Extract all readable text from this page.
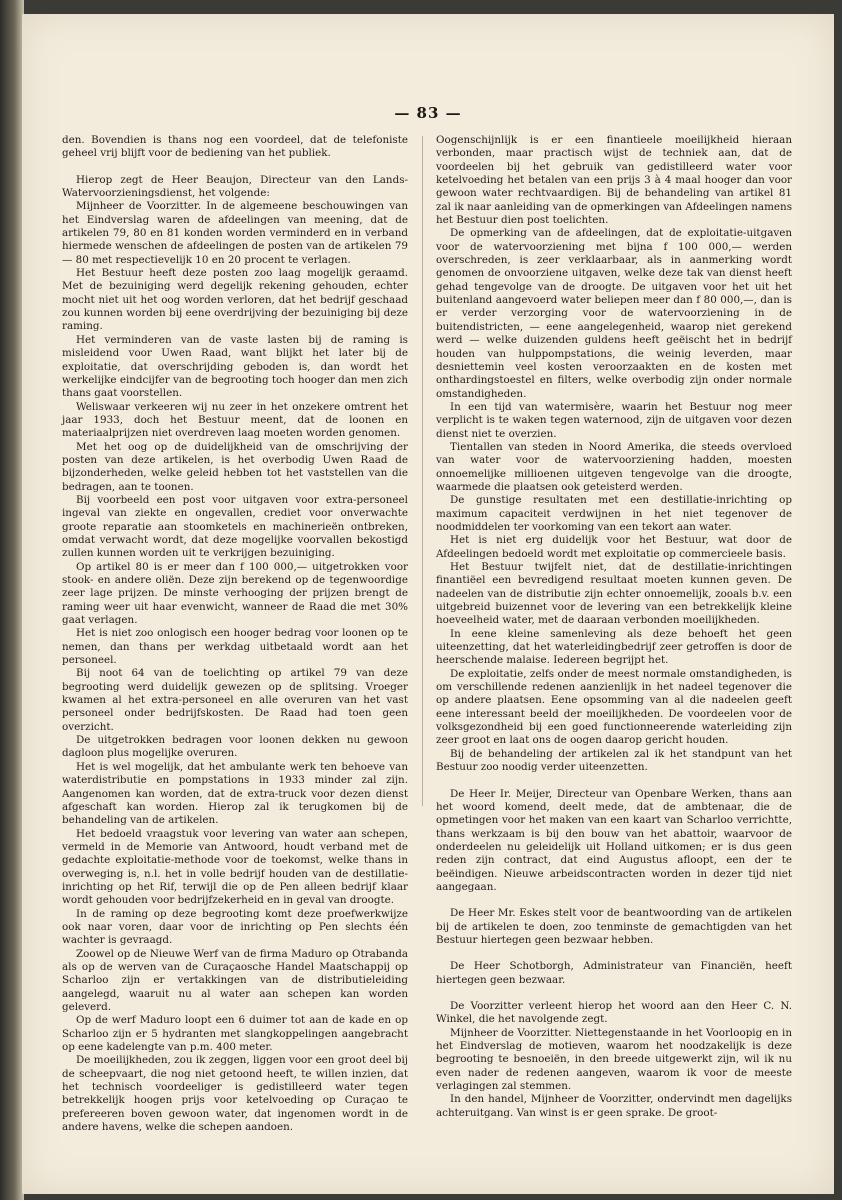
— 83 —

den. Bovendien is thans nog een voordeel, dat de telefoniste geheel vrij blijft voor de bediening van het publiek.

Hierop zegt de Heer Beaujon, Directeur van den Lands-Watervoorzieningsdienst, het volgende:

Mijnheer de Voorzitter. In de algemeene beschouwingen van het Eindverslag waren de afdeelingen van meening, dat de artikelen 79, 80 en 81 konden worden verminderd en in verband hiermede wenschen de afdeelingen de posten van de artikelen 79 — 80 met respectievelijk 10 en 20 procent te verlagen.

Het Bestuur heeft deze posten zoo laag mogelijk geraamd. Met de bezuiniging werd degelijk rekening gehouden, echter mocht niet uit het oog worden verloren, dat het bedrijf geschaad zou kunnen worden bij eene overdrijving der bezuiniging bij deze raming.

Het verminderen van de vaste lasten bij de raming is misleidend voor Uwen Raad, want blijkt het later bij de exploitatie, dat overschrijding geboden is, dan wordt het werkelijke eindcijfer van de begrooting toch hooger dan men zich thans gaat voorstellen.

Weliswaar verkeeren wij nu zeer in het onzekere omtrent het jaar 1933, doch het Bestuur meent, dat de loonen en materiaalprijzen niet overdreven laag moeten worden genomen.

Met het oog op de duidelijkheid van de omschrijving der posten van deze artikelen, is het overbodig Uwen Raad de bijzonderheden, welke geleid hebben tot het vaststellen van die bedragen, aan te toonen.

Bij voorbeeld een post voor uitgaven voor extra-personeel ingeval van ziekte en ongevallen, crediet voor onverwachte groote reparatie aan stoomketels en machinerieën ontbreken, omdat verwacht wordt, dat deze mogelijke voorvallen bekostigd zullen kunnen worden uit te verkrijgen bezuiniging.

Op artikel 80 is er meer dan f 100 000,— uitgetrokken voor stook- en andere oliën. Deze zijn berekend op de tegenwoordige zeer lage prijzen. De minste verhooging der prijzen brengt de raming weer uit haar evenwicht, wanneer de Raad die met 30% gaat verlagen.

Het is niet zoo onlogisch een hooger bedrag voor loonen op te nemen, dan thans per werkdag uitbetaald wordt aan het personeel.

Bij noot 64 van de toelichting op artikel 79 van deze begrooting werd duidelijk gewezen op de splitsing. Vroeger kwamen al het extra-personeel en alle overuren van het vast personeel onder bedrijfskosten. De Raad had toen geen overzicht.

De uitgetrokken bedragen voor loonen dekken nu gewoon dagloon plus mogelijke overuren.

Het is wel mogelijk, dat het ambulante werk ten behoeve van waterdistributie en pompstations in 1933 minder zal zijn. Aangenomen kan worden, dat de extra-truck voor dezen dienst afgeschaft kan worden. Hierop zal ik terugkomen bij de behandeling van de artikelen.

Het bedoeld vraagstuk voor levering van water aan schepen, vermeld in de Memorie van Antwoord, houdt verband met de gedachte exploitatie-methode voor de toekomst, welke thans in overweging is, n.l. het in volle bedrijf houden van de destillatie-inrichting op het Rif, terwijl die op de Pen alleen bedrijf klaar wordt gehouden voor bedrijfzekerheid en in geval van droogte.

In de raming op deze begrooting komt deze proefwerkwijze ook naar voren, daar voor de inrichting op Pen slechts één wachter is gevraagd.

Zoowel op de Nieuwe Werf van de firma Maduro op Otrabanda als op de werven van de Curaçaosche Handel Maatschappij op Scharloo zijn er vertakkingen van de distributieleiding aangelegd, waaruit nu al water aan schepen kan worden geleverd.

Op de werf Maduro loopt een 6 duimer tot aan de kade en op Scharloo zijn er 5 hydranten met slangkoppelingen aangebracht op eene kadelengte van p.m. 400 meter.

De moeilijkheden, zou ik zeggen, liggen voor een groot deel bij de scheepvaart, die nog niet getoond heeft, te willen inzien, dat het technisch voordeeliger is gedistilleerd water tegen betrekkelijk hoogen prijs voor ketelvoeding op Curaçao te prefereeren boven gewoon water, dat ingenomen wordt in de andere havens, welke die schepen aandoen.

Oogenschijnlijk is er een finantieele moeilijkheid hieraan verbonden, maar practisch wijst de techniek aan, dat de voordeelen bij het gebruik van gedistilleerd water voor ketelvoeding het betalen van een prijs 3 à 4 maal hooger dan voor gewoon water rechtvaardigen. Bij de behandeling van artikel 81 zal ik naar aanleiding van de opmerkingen van Afdeelingen namens het Bestuur dien post toelichten.

De opmerking van de afdeelingen, dat de exploitatie-uitgaven voor de watervoorziening met bijna f 100 000,— werden overschreden, is zeer verklaarbaar, als in aanmerking wordt genomen de onvoorziene uitgaven, welke deze tak van dienst heeft gehad tengevolge van de droogte. De uitgaven voor het uit het buitenland aangevoerd water beliepen meer dan f 80 000,—, dan is er verder verzorging voor de watervoorziening in de buitendistricten, — eene aangelegenheid, waarop niet gerekend werd — welke duizenden guldens heeft geëischt het in bedrijf houden van hulppompstations, die weinig leverden, maar desniettemin veel kosten veroorzaakten en de kosten met onthardingstoestel en filters, welke overbodig zijn onder normale omstandigheden.

In een tijd van watermisère, waarin het Bestuur nog meer verplicht is te waken tegen waternood, zijn de uitgaven voor dezen dienst niet te overzien.

Tientallen van steden in Noord Amerika, die steeds overvloed van water voor de watervoorziening hadden, moesten onnoemelijke millioenen uitgeven tengevolge van die droogte, waarmede die plaatsen ook geteisterd werden.

De gunstige resultaten met een destillatie-inrichting op maximum capaciteit verdwijnen in het niet tegenover de noodmiddelen ter voorkoming van een tekort aan water.

Het is niet erg duidelijk voor het Bestuur, wat door de Afdeelingen bedoeld wordt met exploitatie op commercieele basis.

Het Bestuur twijfelt niet, dat de destillatie-inrichtingen finantiëel een bevredigend resultaat moeten kunnen geven. De nadeelen van de distributie zijn echter onnoemelijk, zooals b.v. een uitgebreid buizennet voor de levering van een betrekkelijk kleine hoeveelheid water, met de daaraan verbonden moeilijkheden.

In eene kleine samenleving als deze behoeft het geen uiteenzetting, dat het waterleidingbedrijf zeer getroffen is door de heerschende malaise. Iedereen begrijpt het.

De exploitatie, zelfs onder de meest normale omstandigheden, is om verschillende redenen aanzienlijk in het nadeel tegenover die op andere plaatsen. Eene opsomming van al die nadeelen geeft eene interessant beeld der moeilijkheden. De voordeelen voor de volksgezondheid bij een goed functionneerende waterleiding zijn zeer groot en laat ons de oogen daarop gericht houden.

Bij de behandeling der artikelen zal ik het standpunt van het Bestuur zoo noodig verder uiteenzetten.

De Heer Ir. Meijer, Directeur van Openbare Werken, thans aan het woord komend, deelt mede, dat de ambtenaar, die de opmetingen voor het maken van een kaart van Scharloo verrichtte, thans werkzaam is bij den bouw van het abattoir, waarvoor de onderdeelen nu geleidelijk uit Holland uitkomen; er is dus geen reden zijn contract, dat eind Augustus afloopt, een der te beëindigen. Nieuwe arbeidscontracten worden in dezer tijd niet aangegaan.

De Heer Mr. Eskes stelt voor de beantwoording van de artikelen bij de artikelen te doen, zoo tenminste de gemachtigden van het Bestuur hiertegen geen bezwaar hebben.

De Heer Schotborgh, Administrateur van Financiën, heeft hiertegen geen bezwaar.

De Voorzitter verleent hierop het woord aan den Heer C. N. Winkel, die het navolgende zegt.

Mijnheer de Voorzitter. Niettegenstaande in het Voorloopig en in het Eindverslag de motieven, waarom het noodzakelijk is deze begrooting te besnoeiën, in den breede uitgewerkt zijn, wil ik nu even nader de redenen aangeven, waarom ik voor de meeste verlagingen zal stemmen.

In den handel, Mijnheer de Voorzitter, ondervindt men dagelijks achteruitgang. Van winst is er geen sprake. De groot-
